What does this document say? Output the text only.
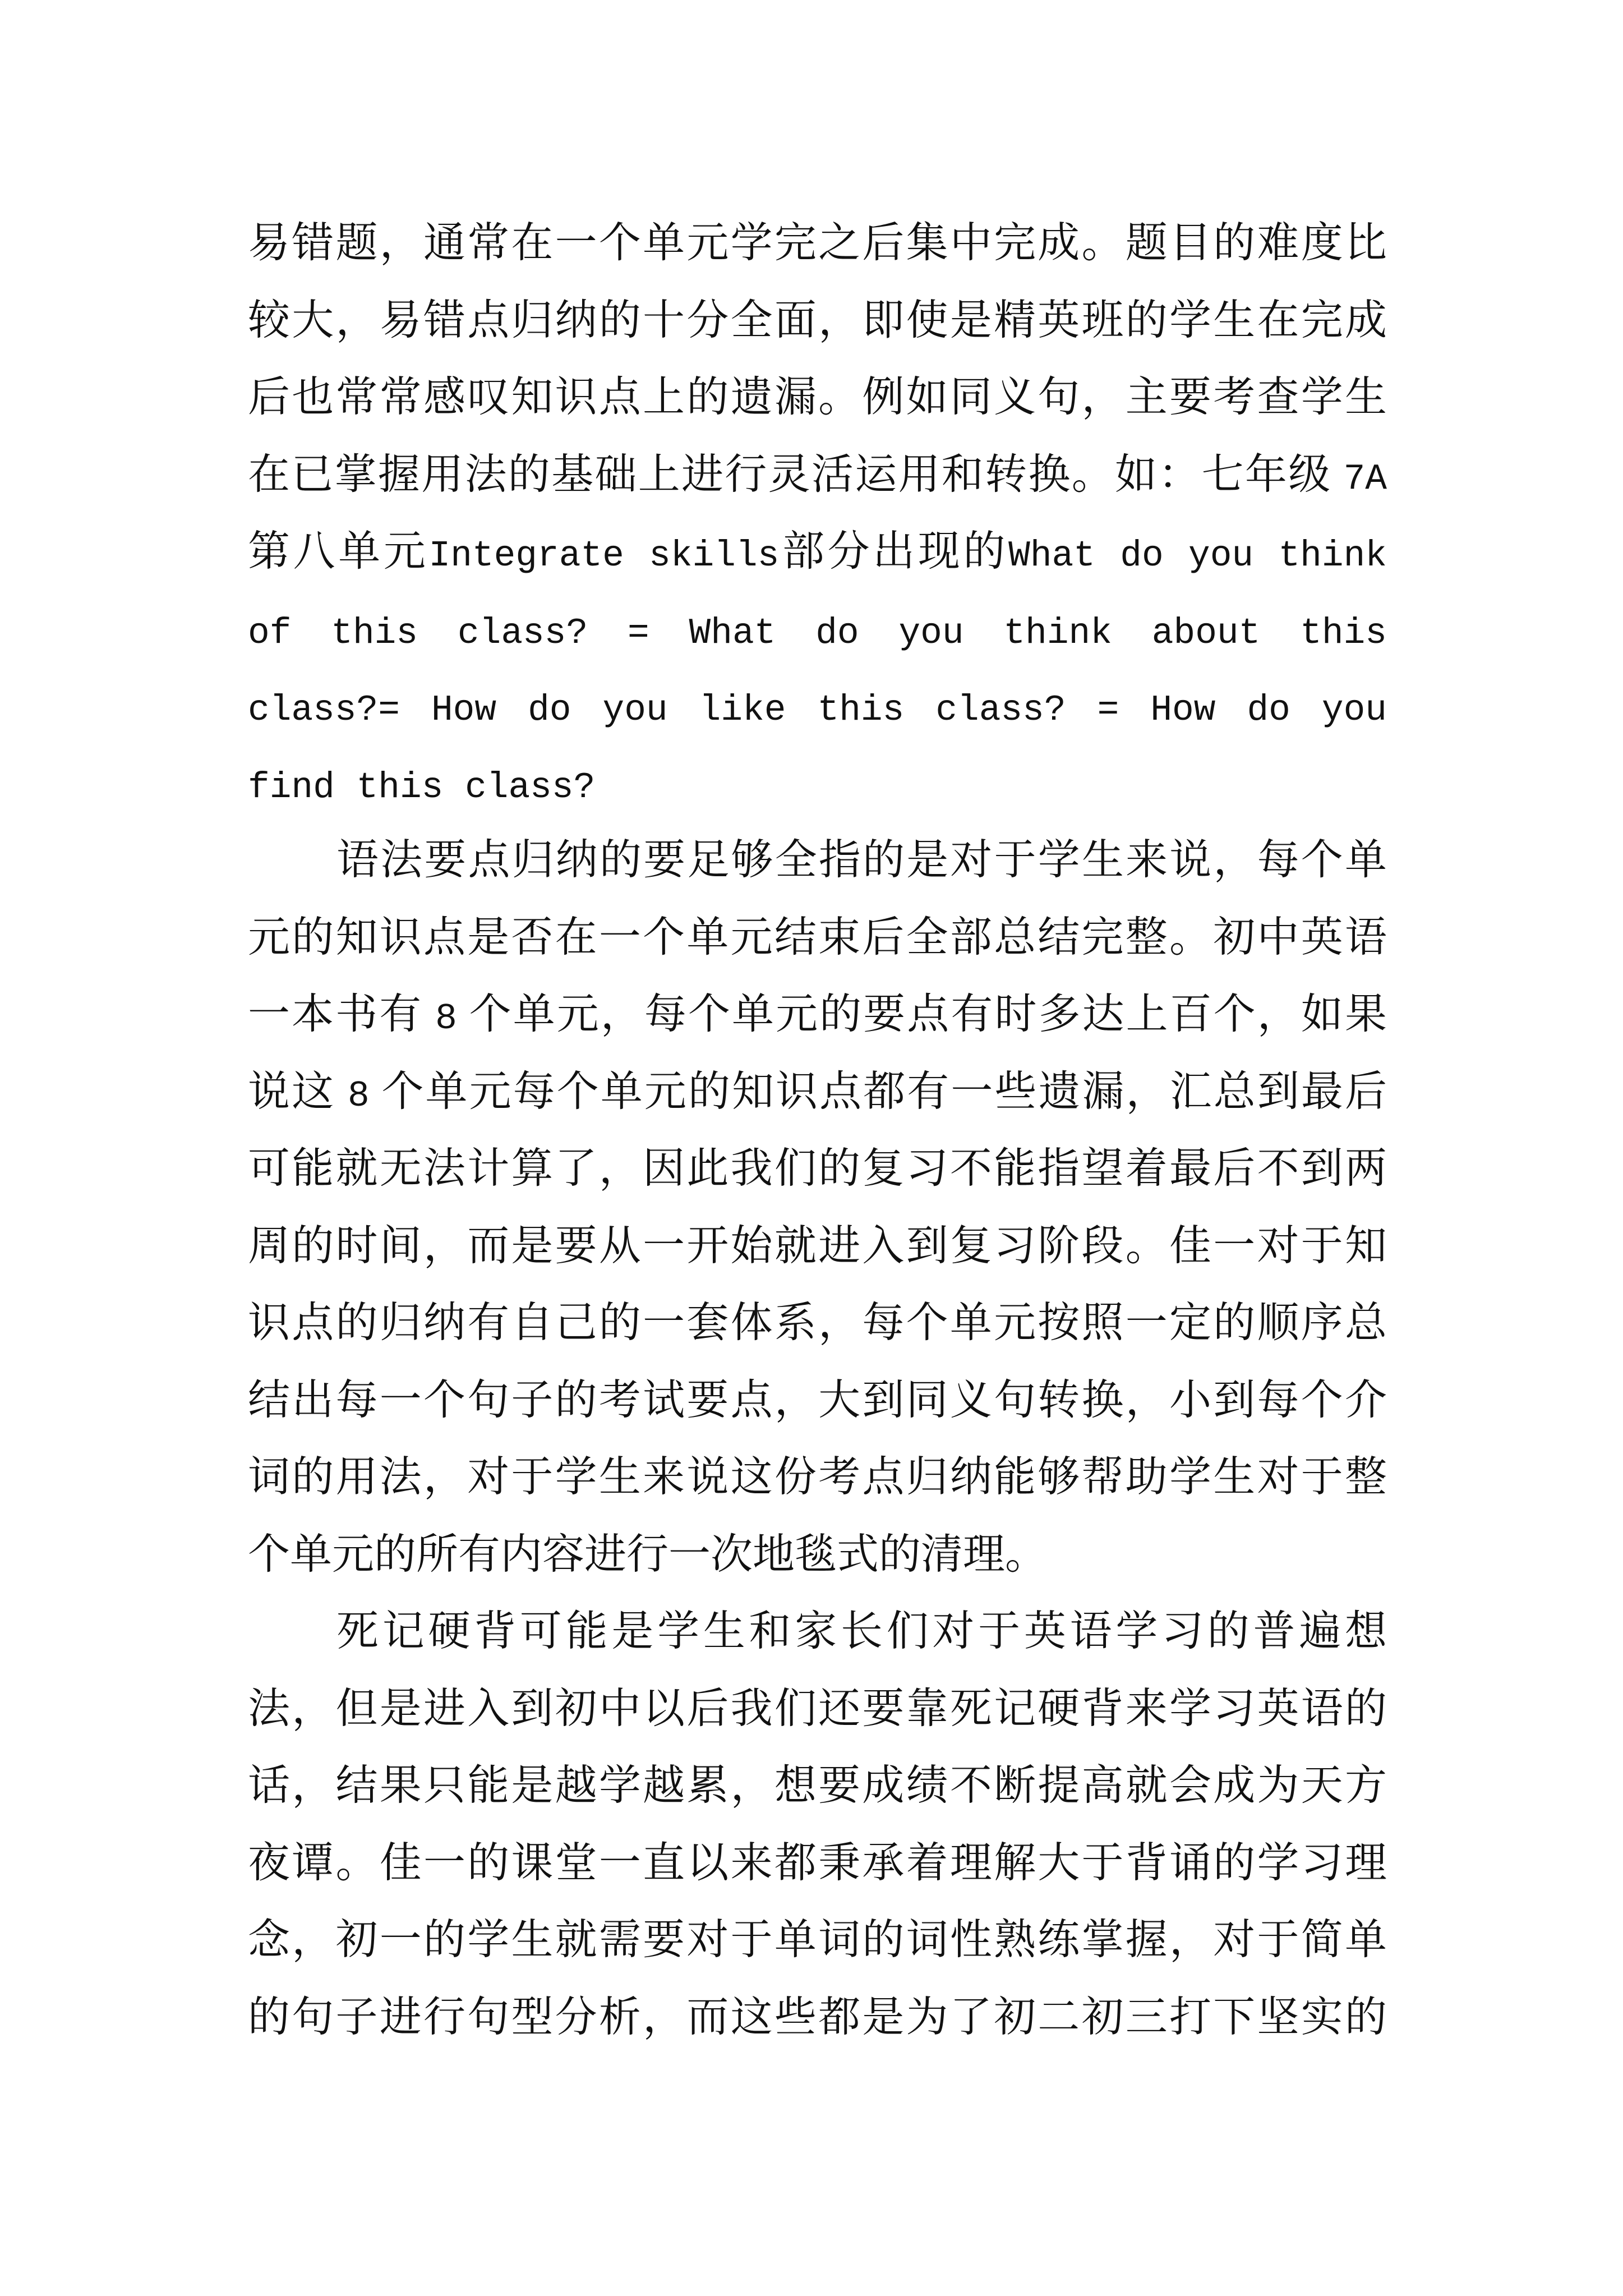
易错题，通常在一个单元学完之后集中完成。题目的难度比
较大，易错点归纳的十分全面，即使是精英班的学生在完成
后也常常感叹知识点上的遗漏。例如同义句，主要考查学生
在已掌握用法的基础上进行灵活运用和转换。如：七年级 7A
第八单元Integrate skills部分出现的What do you think
of this class? = What do you think about this
class?= How do you like this class? = How do you
find this class?
语法要点归纳的要足够全指的是对于学生来说，每个单
元的知识点是否在一个单元结束后全部总结完整。初中英语
一本书有 8 个单元，每个单元的要点有时多达上百个，如果
说这 8 个单元每个单元的知识点都有一些遗漏，汇总到最后
可能就无法计算了，因此我们的复习不能指望着最后不到两
周的时间，而是要从一开始就进入到复习阶段。佳一对于知
识点的归纳有自己的一套体系，每个单元按照一定的顺序总
结出每一个句子的考试要点，大到同义句转换，小到每个介
词的用法，对于学生来说这份考点归纳能够帮助学生对于整
个单元的所有内容进行一次地毯式的清理。
死记硬背可能是学生和家长们对于英语学习的普遍想
法，但是进入到初中以后我们还要靠死记硬背来学习英语的
话，结果只能是越学越累，想要成绩不断提高就会成为天方
夜谭。佳一的课堂一直以来都秉承着理解大于背诵的学习理
念，初一的学生就需要对于单词的词性熟练掌握，对于简单
的句子进行句型分析，而这些都是为了初二初三打下坚实的
